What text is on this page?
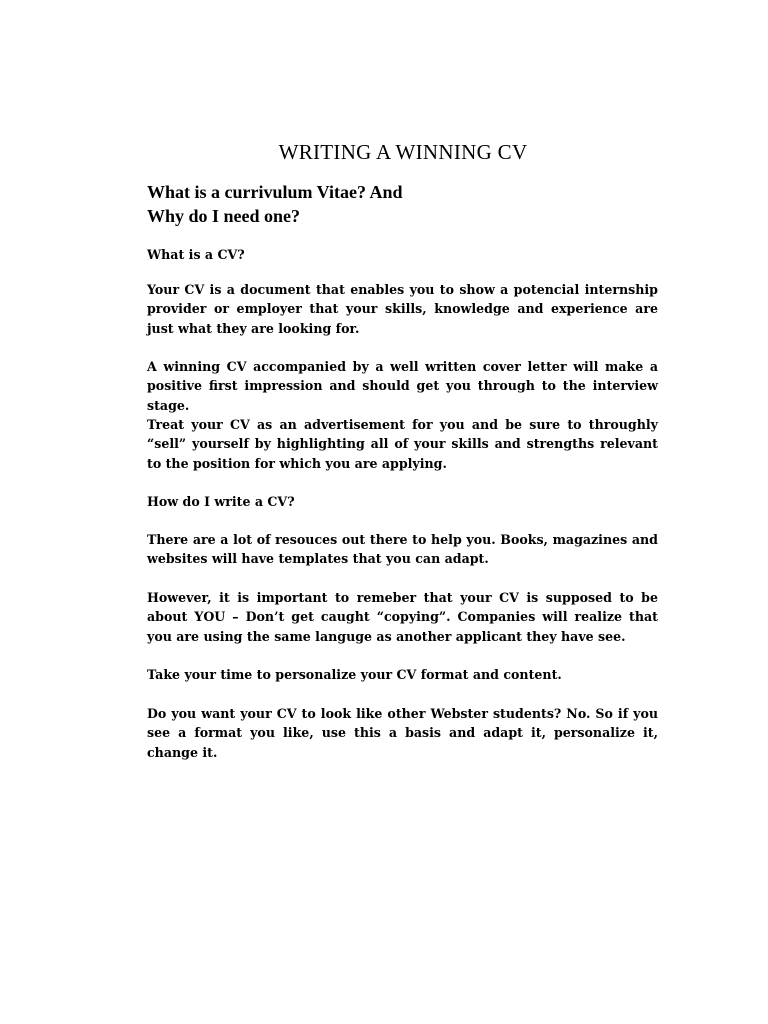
WRITING A WINNING CV
What is a currivulum Vitae? And
Why do I need one?

What is a CV?

Your CV is a document that enables you to show a potencial internship provider or employer that your skills, knowledge and experience are just what they are looking for.

A winning CV accompanied by a well written cover letter will make a positive first impression and should get you through to the interview stage.

Treat your CV as an advertisement for you and be sure to throughly “sell” yourself by highlighting all of your skills and strengths relevant to the position for which you are applying.

How do I write a CV?

There are a lot of resouces out there to help you. Books, magazines and websites will have templates that you can adapt.

However, it is important to remeber that your CV is supposed to be about YOU – Don’t get caught “copying”. Companies will realize that you are using the same languge as another applicant they have see.

Take your time to personalize your CV format and content.

Do you want your CV to look like other Webster students? No. So if you see a format you like, use this a basis and adapt it, personalize it, change it.
